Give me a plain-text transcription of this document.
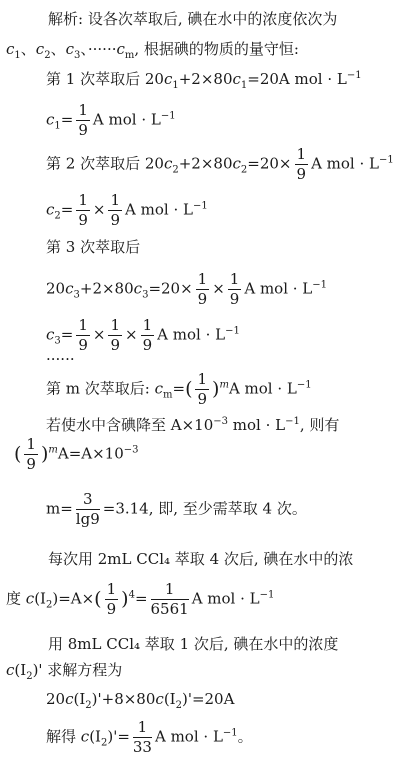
解析: 设各次萃取后, 碘在水中的浓度依次为
$c_1$、$c_2$、$c_3$、$\cdot\cdot\cdot\cdot\cdot\cdot c_m$, 根据碘的物质的量守恒:
第 1 次萃取后 $20c_1+2\times 80c_1=20A$ mol · $L^{-1}$
$c_1= \frac{1}{9}$ A mol · $L^{-1}$
第 2 次萃取后 $20c_2+2\times 80c_2=20\times \frac{1}{9}$ A mol · $L^{-1}$
$c_2= \frac{1}{9} \times \frac{1}{9}$ A mol · $L^{-1}$
第 3 次萃取后
$20c_3+2\times 80c_3=20\times \frac{1}{9} \times \frac{1}{9}$ A mol · $L^{-1}$
$c_3= \frac{1}{9} \times \frac{1}{9} \times \frac{1}{9}$ A mol · $L^{-1}$
······
第 m 次萃取后: $c_m=( \frac{1}{9} )^mA$ mol · $L^{-1}$
若使水中含碘降至 $A\times 10^{-3}$ mol · $L^{-1}$, 则有
( $\frac{1}{9} )^mA=A\times 10^{-3}$
$m= \frac{3}{\lg 9} =3.14$, 即, 至少需萃取 4 次。
每次用 2mL CCl₄ 萃取 4 次后, 碘在水中的浓
度 $c(I_2)=A\times( \frac{1}{9} )^4= \frac{1}{6561}$ A mol · $L^{-1}$
用 8mL CCl₄ 萃取 1 次后, 碘在水中的浓度
$c(I_2)'$ 求解方程为
$20c(I_2)'+8\times 80c(I_2)'=20A$
解得 $c(I_2)'= \frac{1}{33}$ A mol · $L^{-1}$。
